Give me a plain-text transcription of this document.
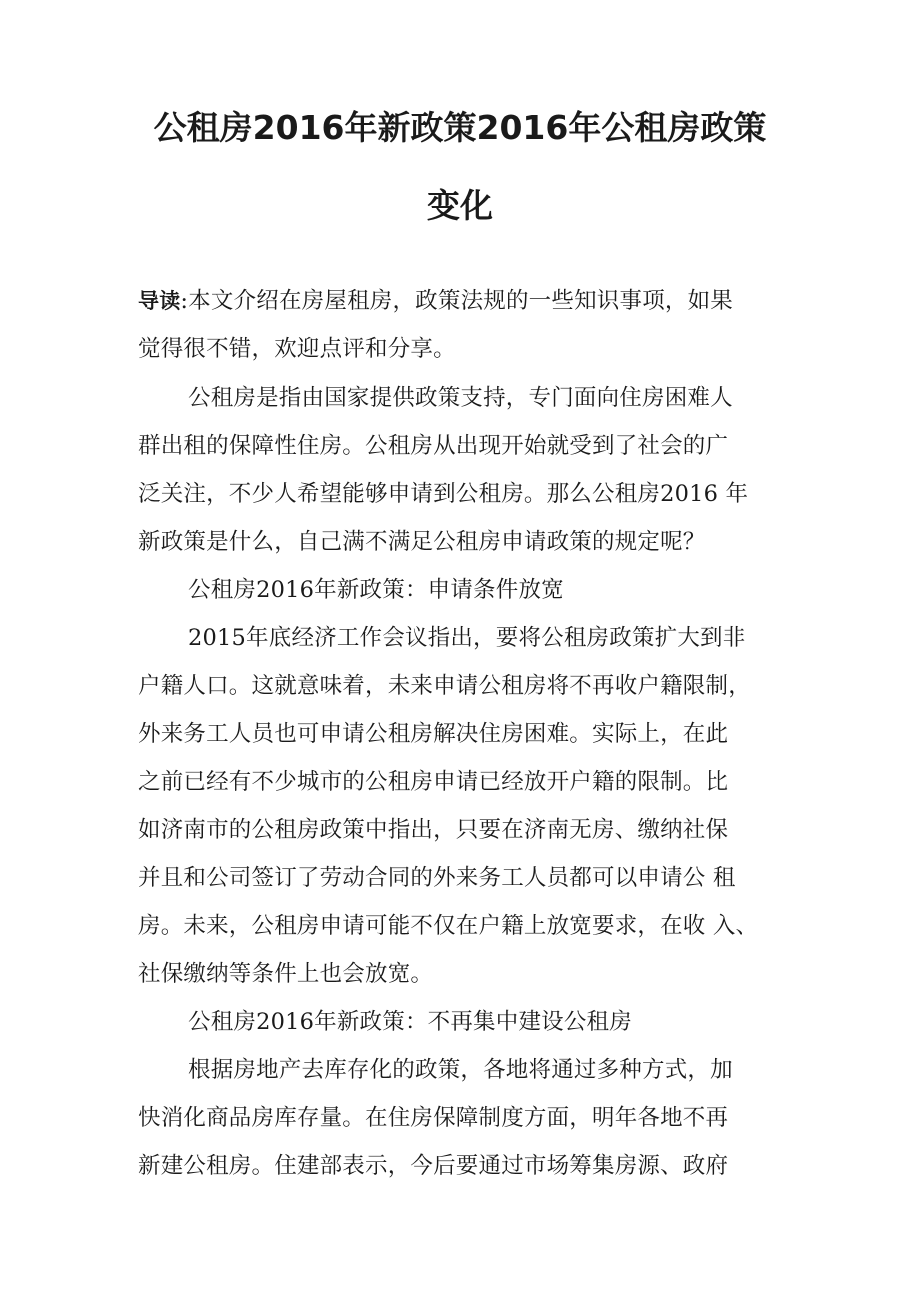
公租房2016年新政策2016年公租房政策
变化
导读:本文介绍在房屋租房，政策法规的一些知识事项，如果
觉得很不错，欢迎点评和分享。
公租房是指由国家提供政策支持，专门面向住房困难人
群出租的保障性住房。公租房从出现开始就受到了社会的广
泛关注，不少人希望能够申请到公租房。那么公租房2016 年
新政策是什么，自己满不满足公租房申请政策的规定呢？
公租房2016年新政策：申请条件放宽
2015年底经济工作会议指出，要将公租房政策扩大到非
户籍人口。这就意味着，未来申请公租房将不再收户籍限制，
外来务工人员也可申请公租房解决住房困难。实际上，在此
之前已经有不少城市的公租房申请已经放开户籍的限制。比
如济南市的公租房政策中指出，只要在济南无房、缴纳社保
并且和公司签订了劳动合同的外来务工人员都可以申请公 租
房。未来，公租房申请可能不仅在户籍上放宽要求，在收 入、
社保缴纳等条件上也会放宽。
公租房2016年新政策：不再集中建设公租房
根据房地产去库存化的政策，各地将通过多种方式，加
快消化商品房库存量。在住房保障制度方面，明年各地不再
新建公租房。住建部表示，今后要通过市场筹集房源、政府
